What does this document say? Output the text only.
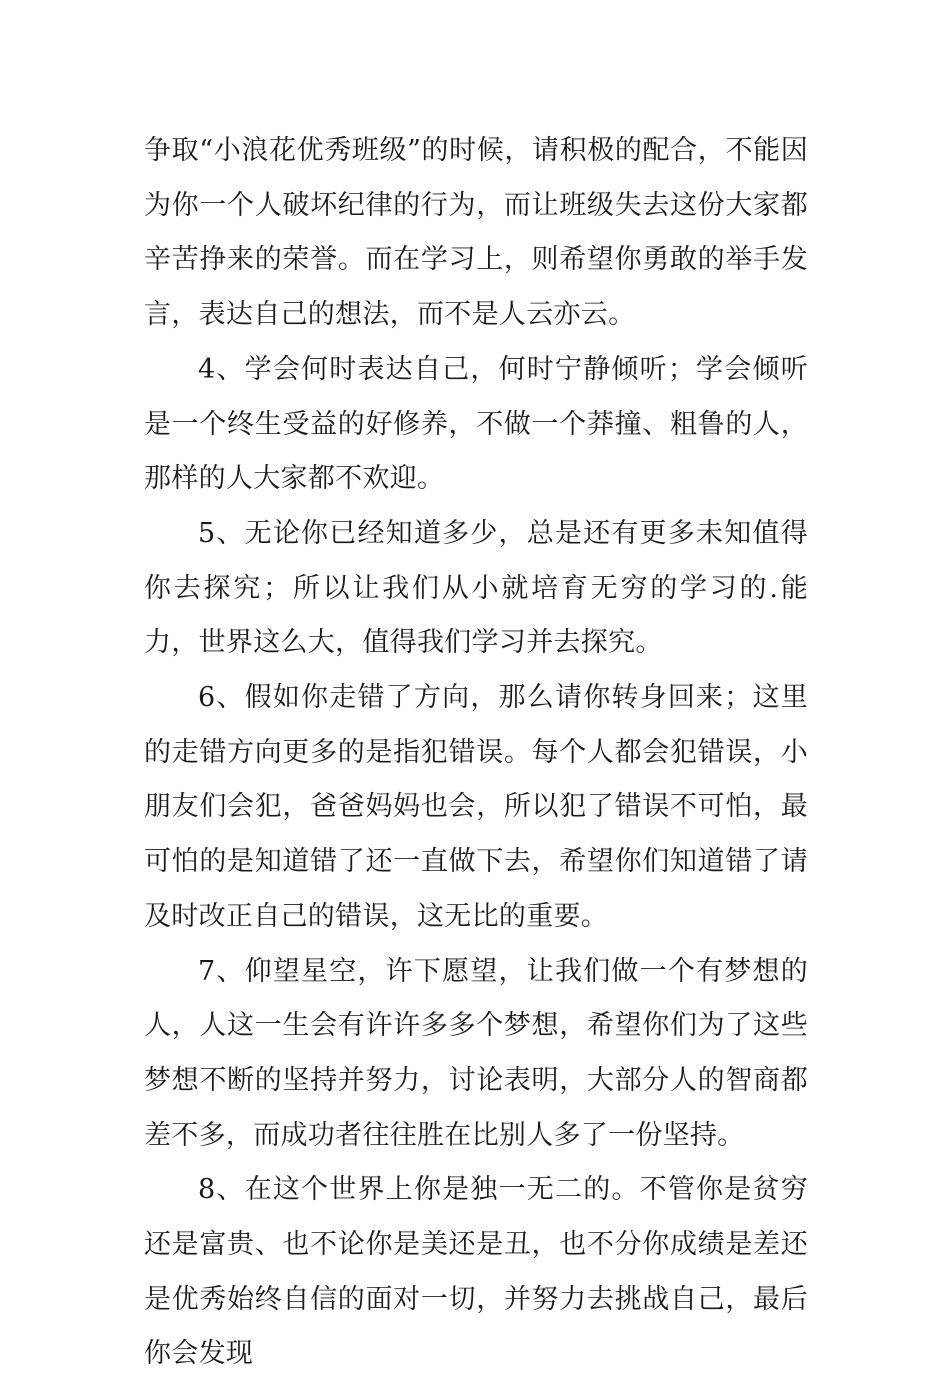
争取“小浪花优秀班级”的时候，请积极的配合，不能因为你一个人破坏纪律的行为，而让班级失去这份大家都辛苦挣来的荣誉。而在学习上，则希望你勇敢的举手发言，表达自己的想法，而不是人云亦云。

4、学会何时表达自己，何时宁静倾听；学会倾听是一个终生受益的好修养，不做一个莽撞、粗鲁的人，那样的人大家都不欢迎。

5、无论你已经知道多少，总是还有更多未知值得你去探究；所以让我们从小就培育无穷的学习的.能力，世界这么大，值得我们学习并去探究。

6、假如你走错了方向，那么请你转身回来；这里的走错方向更多的是指犯错误。每个人都会犯错误，小朋友们会犯，爸爸妈妈也会，所以犯了错误不可怕，最可怕的是知道错了还一直做下去，希望你们知道错了请及时改正自己的错误，这无比的重要。

7、仰望星空，许下愿望，让我们做一个有梦想的人，人这一生会有许许多多个梦想，希望你们为了这些梦想不断的坚持并努力，讨论表明，大部分人的智商都差不多，而成功者往往胜在比别人多了一份坚持。

8、在这个世界上你是独一无二的。不管你是贫穷还是富贵、也不论你是美还是丑，也不分你成绩是差还是优秀始终自信的面对一切，并努力去挑战自己，最后你会发现
